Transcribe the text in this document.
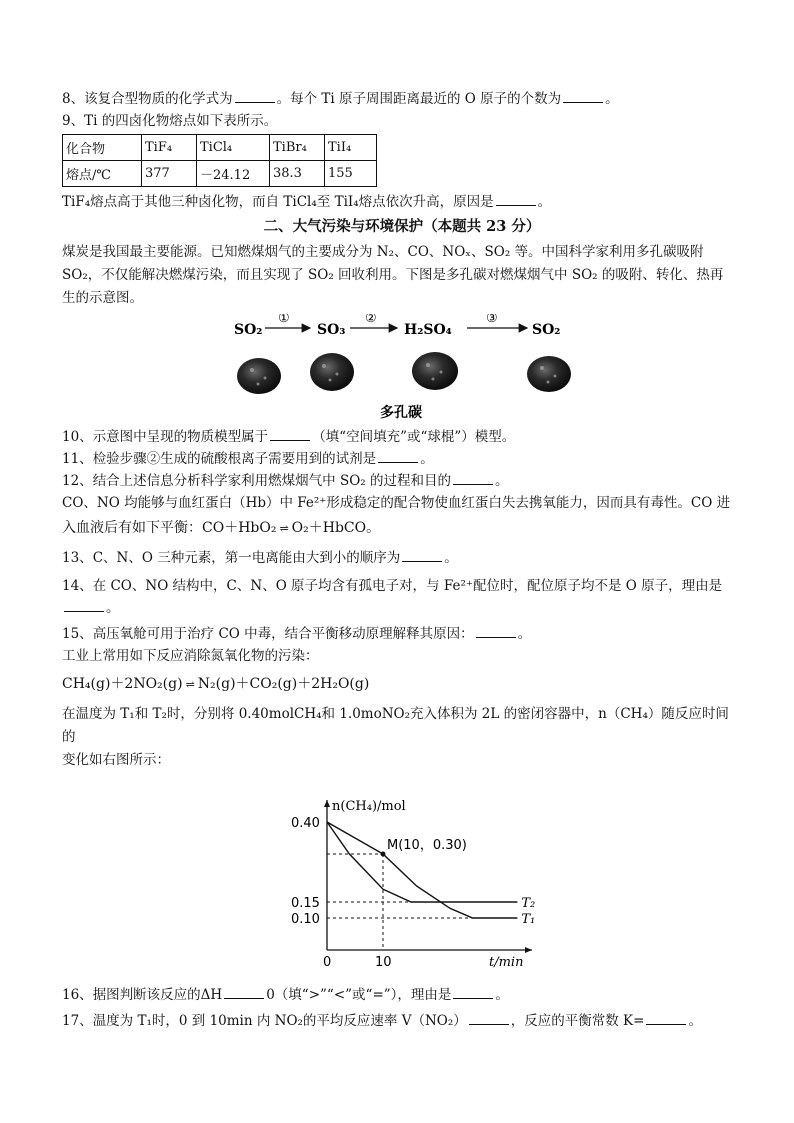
8、该复合型物质的化学式为	。每个 Ti 原子周围距离最近的 O 原子的个数为	。
9、Ti 的四卤化物熔点如下表所示。
化合物	TiF₄	TiCl₄	TiBr₄	TiI₄
熔点/℃	377	－24.12	38.3	155
TiF₄熔点高于其他三种卤化物，而自 TiCl₄至 TiI₄熔点依次升高，原因是	。
二、大气污染与环境保护（本题共 23 分）
煤炭是我国最主要能源。已知燃煤烟气的主要成分为 N₂、CO、NOₓ、SO₂ 等。中国科学家利用多孔碳吸附
SO₂，不仅能解决燃煤污染，而且实现了 SO₂ 回收利用。下图是多孔碳对燃煤烟气中 SO₂ 的吸附、转化、热再
生的示意图。
SO₂
①
SO₃
②
H₂SO₄
③
SO₂
多孔碳
10、示意图中呈现的物质模型属于	（填“空间填充”或“球棍”）模型。
11、检验步骤②生成的硫酸根离子需要用到的试剂是	。
12、结合上述信息分析科学家利用燃煤烟气中 SO₂ 的过程和目的	。
CO、NO 均能够与血红蛋白（Hb）中 Fe²⁺形成稳定的配合物使血红蛋白失去携氧能力，因而具有毒性。CO 进
入血液后有如下平衡：CO＋HbO₂ ⇌ O₂＋HbCO。
13、C、N、O 三种元素，第一电离能由大到小的顺序为	。
14、在 CO、NO 结构中，C、N、O 原子均含有孤电子对，与 Fe²⁺配位时，配位原子均不是 O 原子，理由是
。
15、高压氧舱可用于治疗 CO 中毒，结合平衡移动原理解释其原因：	。
工业上常用如下反应消除氮氧化物的污染：
CH₄(g)＋2NO₂(g) ⇌ N₂(g)＋CO₂(g)＋2H₂O(g)
在温度为 T₁和 T₂时，分别将 0.40molCH₄和 1.0moNO₂充入体积为 2L 的密闭容器中，n（CH₄）随反应时间的
变化如右图所示：
n(CH₄)/mol
t/min
0.40
0.15
0.10
0	10
T₂
T₁
M(10，0.30)
16、据图判断该反应的ΔH	0（填“>”“<”或“=”），理由是	。
17、温度为 T₁时，0 到 10min 内 NO₂的平均反应速率 V（NO₂）	，反应的平衡常数 K=	。
